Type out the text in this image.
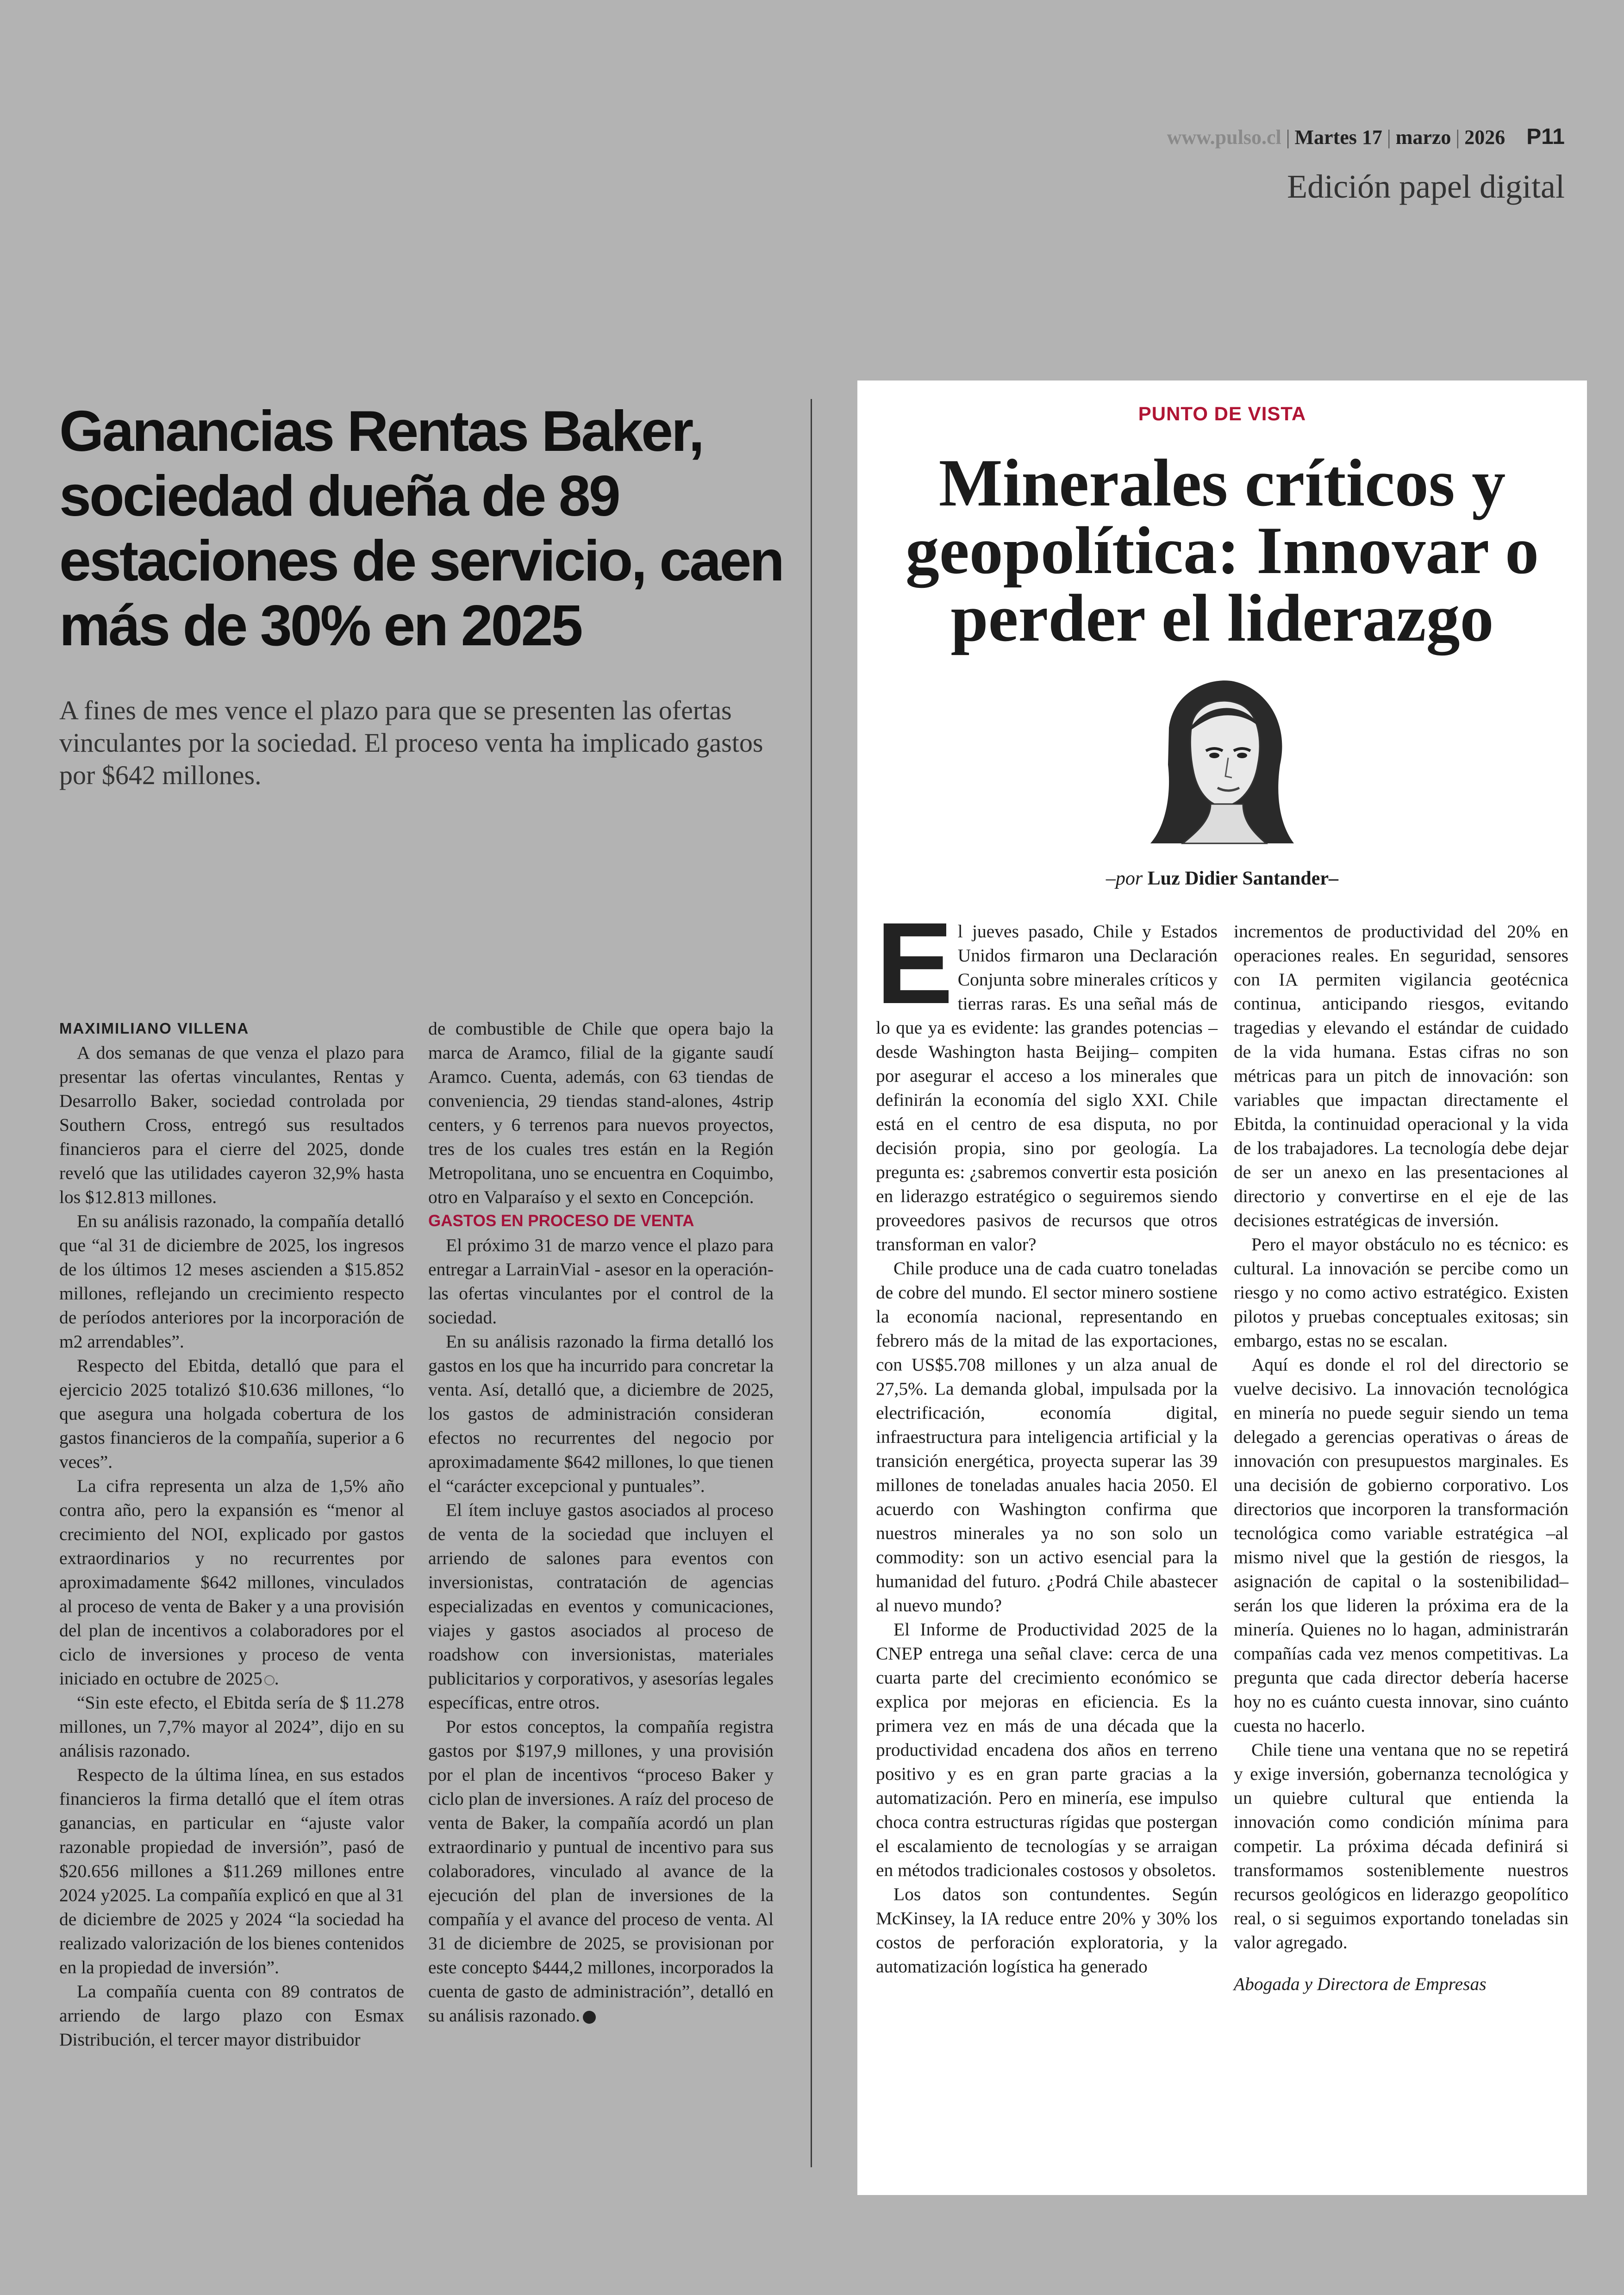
www.pulso.cl | Martes 17 | marzo | 2026 P11
Edición papel digital
Ganancias Rentas Baker, sociedad dueña de 89 estaciones de servicio, caen más de 30% en 2025

A fines de mes vence el plazo para que se presenten las ofertas vinculantes por la sociedad. El proceso venta ha implicado gastos por $642 millones.

MAXIMILIANO VILLENA

A dos semanas de que venza el plazo para presentar las ofertas vinculantes, Rentas y Desarrollo Baker, sociedad controlada por Southern Cross, entregó sus resultados financieros para el cierre del 2025, donde reveló que las utilidades cayeron 32,9% hasta los $12.813 millones.

En su análisis razonado, la compañía detalló que “al 31 de diciembre de 2025, los ingresos de los últimos 12 meses ascienden a $15.852 millones, reflejando un crecimiento respecto de períodos anteriores por la incorporación de m2 arrendables”.

Respecto del Ebitda, detalló que para el ejercicio 2025 totalizó $10.636 millones, “lo que asegura una holgada cobertura de los gastos financieros de la compañía, superior a 6 veces”.

La cifra representa un alza de 1,5% año contra año, pero la expansión es “menor al crecimiento del NOI, explicado por gastos extraordinarios y no recurrentes por aproximadamente $642 millones, vinculados al proceso de venta de Baker y a una provisión del plan de incentivos a colaboradores por el ciclo de inversiones y proceso de venta iniciado en octubre de 2025 .

“Sin este efecto, el Ebitda sería de $ 11.278 millones, un 7,7% mayor al 2024”, dijo en su análisis razonado.

Respecto de la última línea, en sus estados financieros la firma detalló que el ítem otras ganancias, en particular en “ajuste valor razonable propiedad de inversión”, pasó de $20.656 millones a $11.269 millones entre 2024 y2025. La compañía explicó en que al 31 de diciembre de 2025 y 2024 “la sociedad ha realizado valorización de los bienes contenidos en la propiedad de inversión”.

La compañía cuenta con 89 contratos de arriendo de largo plazo con Esmax Distribución, el tercer mayor distribuidor

de combustible de Chile que opera bajo la marca de Aramco, filial de la gigante saudí Aramco. Cuenta, además, con 63 tiendas de conveniencia, 29 tiendas stand-alones, 4strip centers, y 6 terrenos para nuevos proyectos, tres de los cuales tres están en la Región Metropolitana, uno se encuentra en Coquimbo, otro en Valparaíso y el sexto en Concepción.

GASTOS EN PROCESO DE VENTA

El próximo 31 de marzo vence el plazo para entregar a LarrainVial - asesor en la operación- las ofertas vinculantes por el control de la sociedad.

En su análisis razonado la firma detalló los gastos en los que ha incurrido para concretar la venta. Así, detalló que, a diciembre de 2025, los gastos de administración consideran efectos no recurrentes del negocio por aproximadamente $642 millones, lo que tienen el “carácter excepcional y puntuales”.

El ítem incluye gastos asociados al proceso de venta de la sociedad que incluyen el arriendo de salones para eventos con inversionistas, contratación de agencias especializadas en eventos y comunicaciones, viajes y gastos asociados al proceso de roadshow con inversionistas, materiales publicitarios y corporativos, y asesorías legales específicas, entre otros.

Por estos conceptos, la compañía registra gastos por $197,9 millones, y una provisión por el plan de incentivos “proceso Baker y ciclo plan de inversiones. A raíz del proceso de venta de Baker, la compañía acordó un plan extraordinario y puntual de incentivo para sus colaboradores, vinculado al avance de la ejecución del plan de inversiones de la compañía y el avance del proceso de venta. Al 31 de diciembre de 2025, se provisionan por este concepto $444,2 millones, incorporados la cuenta de gasto de administración”, detalló en su análisis razonado.

PUNTO DE VISTA

Minerales críticos y geopolítica: Innovar o perder el liderazgo

–por Luz Didier Santander–

El jueves pasado, Chile y Estados Unidos firmaron una Declaración Conjunta sobre minerales críticos y tierras raras. Es una señal más de lo que ya es evidente: las grandes potencias –desde Washington hasta Beijing– compiten por asegurar el acceso a los minerales que definirán la economía del siglo XXI. Chile está en el centro de esa disputa, no por decisión propia, sino por geología. La pregunta es: ¿sabremos convertir esta posición en liderazgo estratégico o seguiremos siendo proveedores pasivos de recursos que otros transforman en valor?

Chile produce una de cada cuatro toneladas de cobre del mundo. El sector minero sostiene la economía nacional, representando en febrero más de la mitad de las exportaciones, con US$5.708 millones y un alza anual de 27,5%. La demanda global, impulsada por la electrificación, economía digital, infraestructura para inteligencia artificial y la transición energética, proyecta superar las 39 millones de toneladas anuales hacia 2050. El acuerdo con Washington confirma que nuestros minerales ya no son solo un commodity: son un activo esencial para la humanidad del futuro. ¿Podrá Chile abastecer al nuevo mundo?

El Informe de Productividad 2025 de la CNEP entrega una señal clave: cerca de una cuarta parte del crecimiento económico se explica por mejoras en eficiencia. Es la primera vez en más de una década que la productividad encadena dos años en terreno positivo y es en gran parte gracias a la automatización. Pero en minería, ese impulso choca contra estructuras rígidas que postergan el escalamiento de tecnologías y se arraigan en métodos tradicionales costosos y obsoletos.

Los datos son contundentes. Según McKinsey, la IA reduce entre 20% y 30% los costos de perforación exploratoria, y la automatización logística ha generado

incrementos de productividad del 20% en operaciones reales. En seguridad, sensores con IA permiten vigilancia geotécnica continua, anticipando riesgos, evitando tragedias y elevando el estándar de cuidado de la vida humana. Estas cifras no son métricas para un pitch de innovación: son variables que impactan directamente el Ebitda, la continuidad operacional y la vida de los trabajadores. La tecnología debe dejar de ser un anexo en las presentaciones al directorio y convertirse en el eje de las decisiones estratégicas de inversión.

Pero el mayor obstáculo no es técnico: es cultural. La innovación se percibe como un riesgo y no como activo estratégico. Existen pilotos y pruebas conceptuales exitosas; sin embargo, estas no se escalan.

Aquí es donde el rol del directorio se vuelve decisivo. La innovación tecnológica en minería no puede seguir siendo un tema delegado a gerencias operativas o áreas de innovación con presupuestos marginales. Es una decisión de gobierno corporativo. Los directorios que incorporen la transformación tecnológica como variable estratégica –al mismo nivel que la gestión de riesgos, la asignación de capital o la sostenibilidad– serán los que lideren la próxima era de la minería. Quienes no lo hagan, administrarán compañías cada vez menos competitivas. La pregunta que cada director debería hacerse hoy no es cuánto cuesta innovar, sino cuánto cuesta no hacerlo.

Chile tiene una ventana que no se repetirá y exige inversión, gobernanza tecnológica y un quiebre cultural que entienda la innovación como condición mínima para competir. La próxima década definirá si transformamos sosteniblemente nuestros recursos geológicos en liderazgo geopolítico real, o si seguimos exportando toneladas sin valor agregado.

Abogada y Directora de Empresas
